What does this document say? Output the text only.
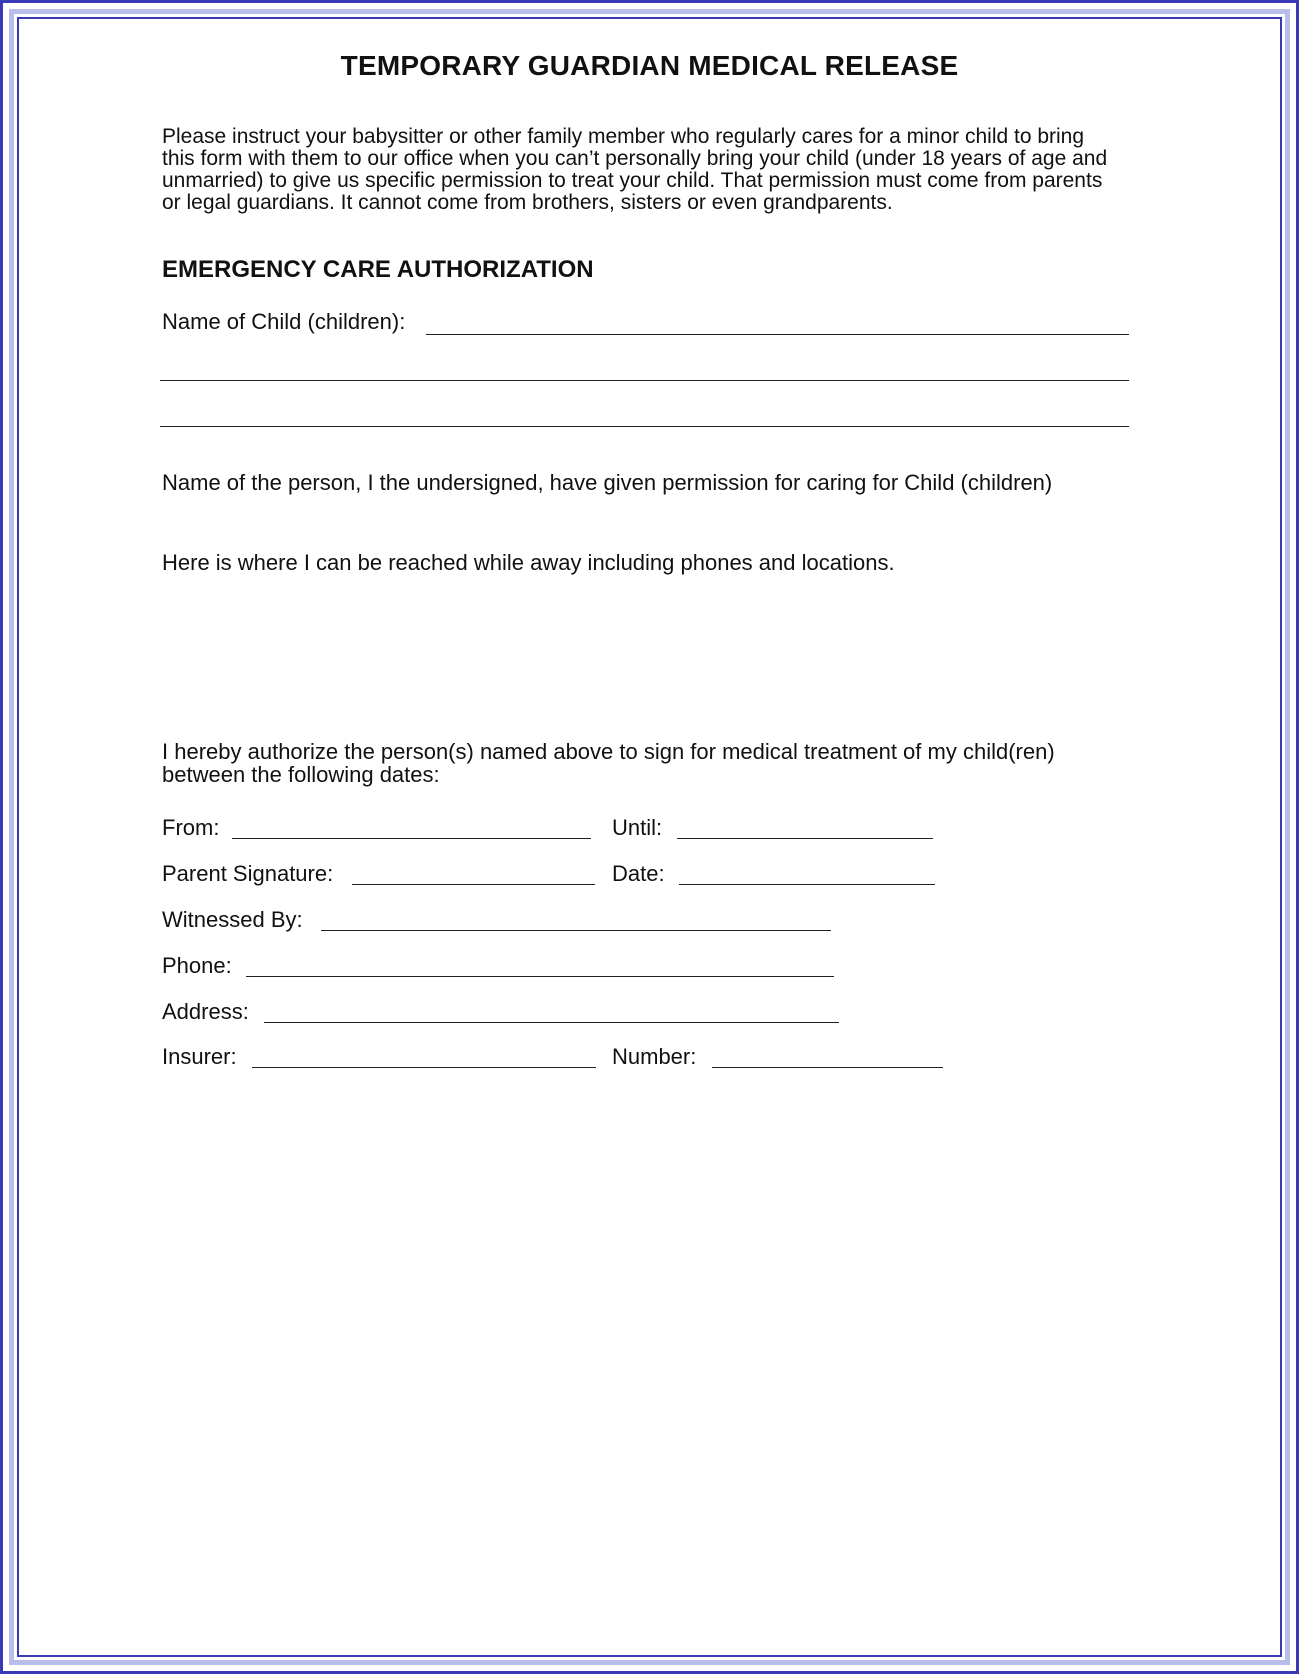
TEMPORARY GUARDIAN MEDICAL RELEASE
Please instruct your babysitter or other family member who regularly cares for a minor child to bring
this form with them to our office when you can’t personally bring your child (under 18 years of age and
unmarried) to give us specific permission to treat your child. That permission must come from parents
or legal guardians. It cannot come from brothers, sisters or even grandparents.
EMERGENCY CARE AUTHORIZATION
Name of Child (children):
Name of the person, I the undersigned, have given permission for caring for Child (children)
Here is where I can be reached while away including phones and locations.
I hereby authorize the person(s) named above to sign for medical treatment of my child(ren)
between the following dates:
From:	Until:
Parent Signature:	Date:
Witnessed By:
Phone:
Address:
Insurer:	Number:
